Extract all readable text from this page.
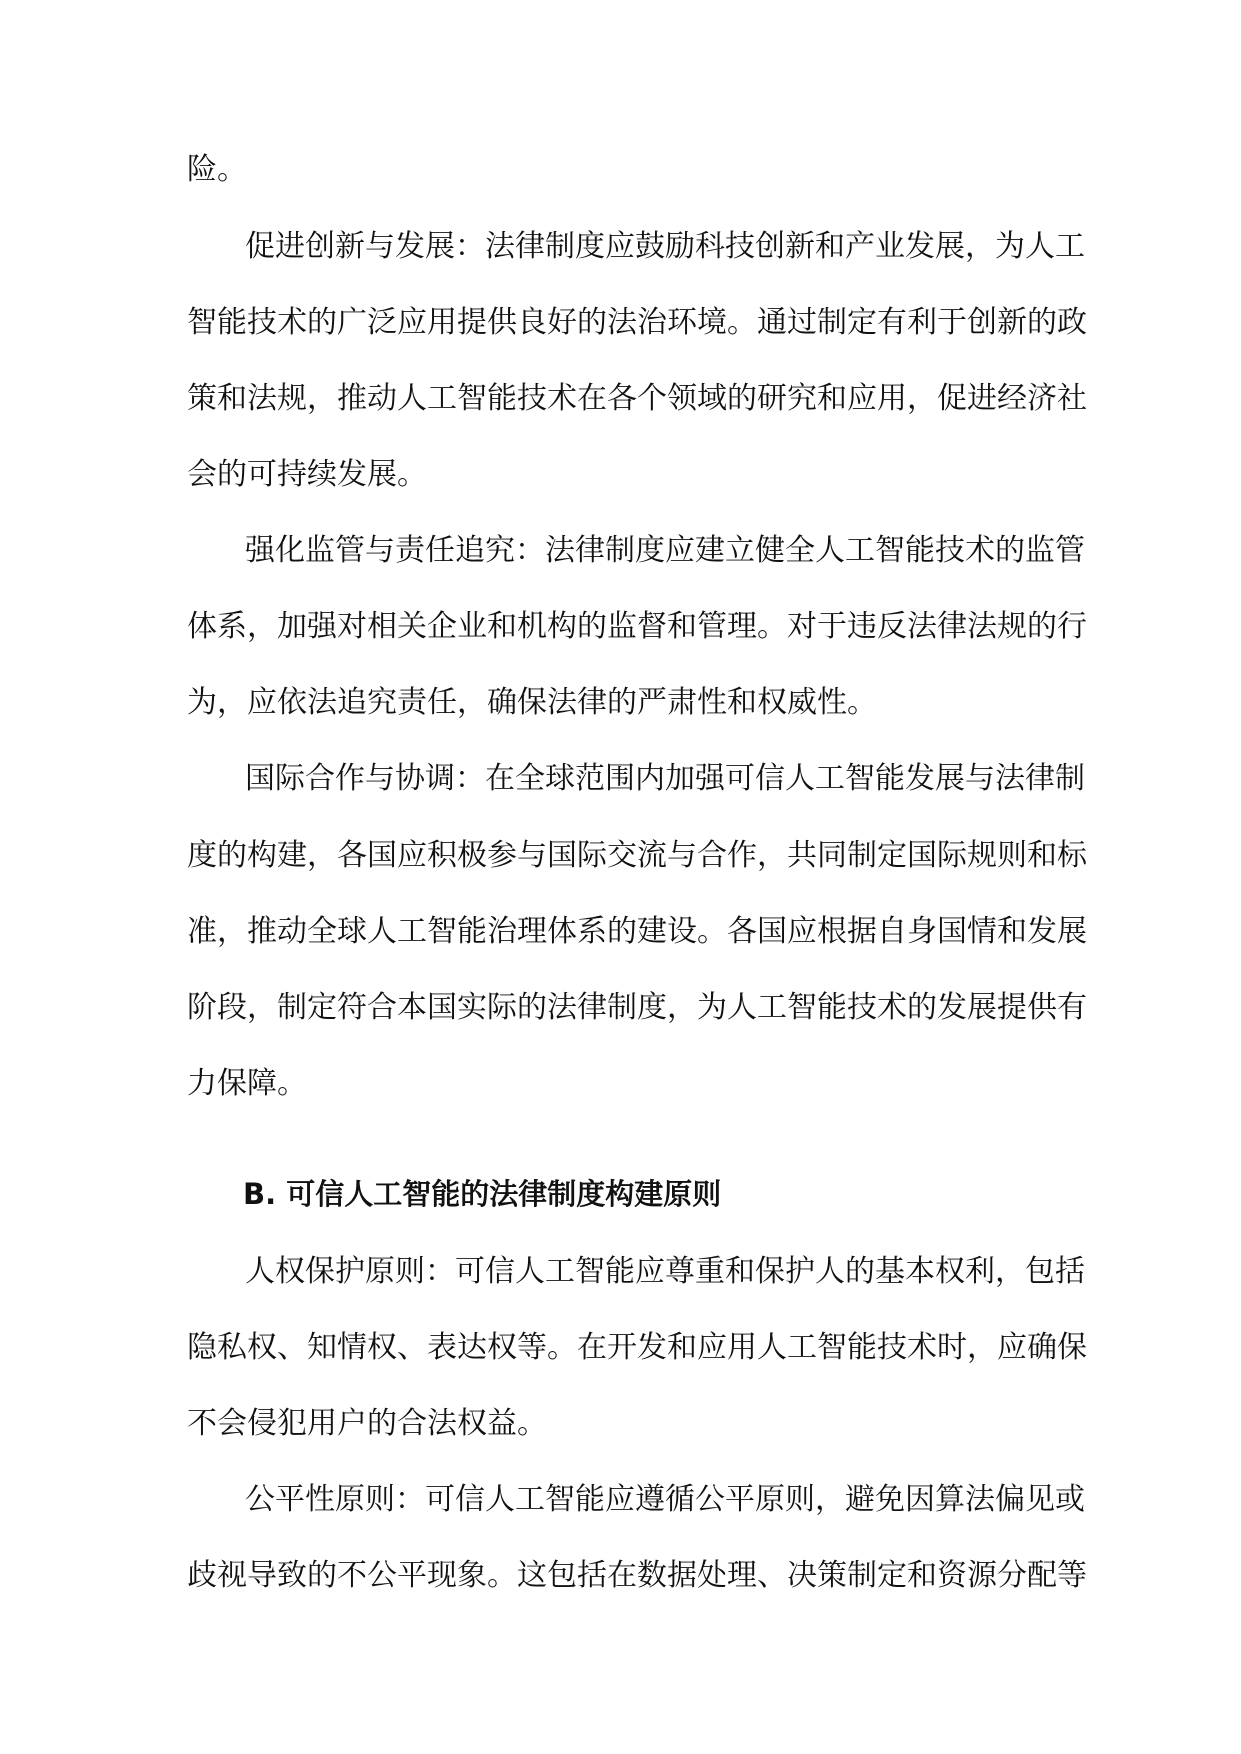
险。
促进创新与发展：法律制度应鼓励科技创新和产业发展，为人工
智能技术的广泛应用提供良好的法治环境。通过制定有利于创新的政
策和法规，推动人工智能技术在各个领域的研究和应用，促进经济社
会的可持续发展。
强化监管与责任追究：法律制度应建立健全人工智能技术的监管
体系，加强对相关企业和机构的监督和管理。对于违反法律法规的行
为，应依法追究责任，确保法律的严肃性和权威性。
国际合作与协调：在全球范围内加强可信人工智能发展与法律制
度的构建，各国应积极参与国际交流与合作，共同制定国际规则和标
准，推动全球人工智能治理体系的建设。各国应根据自身国情和发展
阶段，制定符合本国实际的法律制度，为人工智能技术的发展提供有
力保障。
B. 可信人工智能的法律制度构建原则
人权保护原则：可信人工智能应尊重和保护人的基本权利，包括
隐私权、知情权、表达权等。在开发和应用人工智能技术时，应确保
不会侵犯用户的合法权益。
公平性原则：可信人工智能应遵循公平原则，避免因算法偏见或
歧视导致的不公平现象。这包括在数据处理、决策制定和资源分配等
